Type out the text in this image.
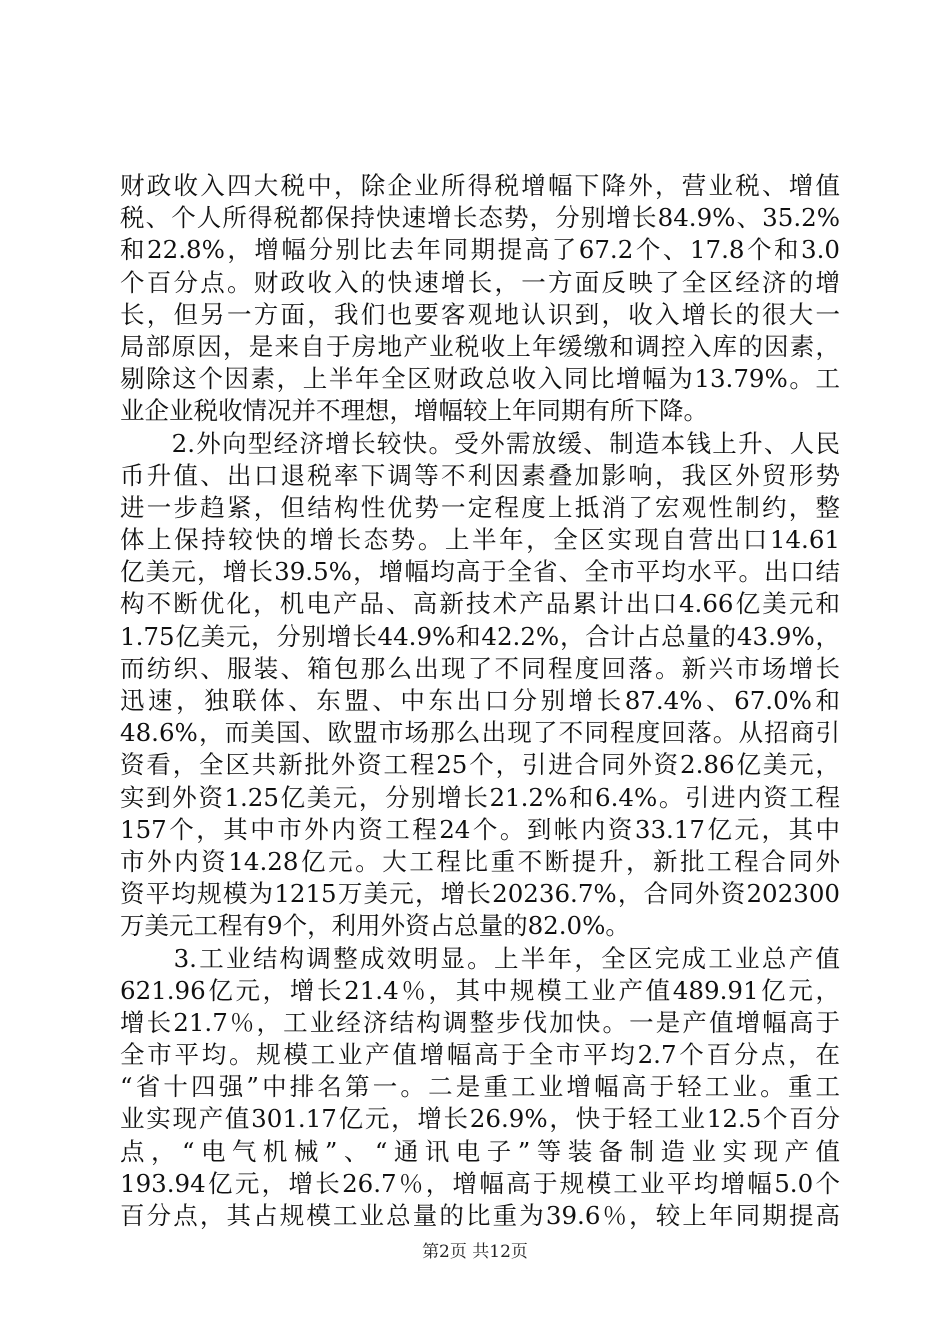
财政收入四大税中，除企业所得税增幅下降外，营业税、增值
税、个人所得税都保持快速增长态势，分别增长84.9%、35.2%
和22.8%，增幅分别比去年同期提高了67.2个、17.8个和3.0
个百分点。财政收入的快速增长，一方面反映了全区经济的增
长，但另一方面，我们也要客观地认识到，收入增长的很大一
局部原因，是来自于房地产业税收上年缓缴和调控入库的因素，
剔除这个因素，上半年全区财政总收入同比增幅为13.79%。工
业企业税收情况并不理想，增幅较上年同期有所下降。
　　2.外向型经济增长较快。受外需放缓、制造本钱上升、人民
币升值、出口退税率下调等不利因素叠加影响，我区外贸形势
进一步趋紧，但结构性优势一定程度上抵消了宏观性制约，整
体上保持较快的增长态势。上半年，全区实现自营出口14.61
亿美元，增长39.5%，增幅均高于全省、全市平均水平。出口结
构不断优化，机电产品、高新技术产品累计出口4.66亿美元和
1.75亿美元，分别增长44.9%和42.2%，合计占总量的43.9%，
而纺织、服装、箱包那么出现了不同程度回落。新兴市场增长
迅速，独联体、东盟、中东出口分别增长87.4%、67.0%和
48.6%，而美国、欧盟市场那么出现了不同程度回落。从招商引
资看，全区共新批外资工程25个，引进合同外资2.86亿美元，
实到外资1.25亿美元，分别增长21.2%和6.4%。引进内资工程
157个，其中市外内资工程24个。到帐内资33.17亿元，其中
市外内资14.28亿元。大工程比重不断提升，新批工程合同外
资平均规模为1215万美元，增长20236.7%，合同外资202300
万美元工程有9个，利用外资占总量的82.0%。
　　3.工业结构调整成效明显。上半年，全区完成工业总产值
621.96亿元，增长21.4％，其中规模工业产值489.91亿元，
增长21.7％，工业经济结构调整步伐加快。一是产值增幅高于
全市平均。规模工业产值增幅高于全市平均2.7个百分点，在
“省十四强”中排名第一。二是重工业增幅高于轻工业。重工
业实现产值301.17亿元，增长26.9%，快于轻工业12.5个百分
点，“电气机械”、“通讯电子”等装备制造业实现产值
193.94亿元，增长26.7％，增幅高于规模工业平均增幅5.0个
百分点，其占规模工业总量的比重为39.6％，较上年同期提高
第2页 共12页
